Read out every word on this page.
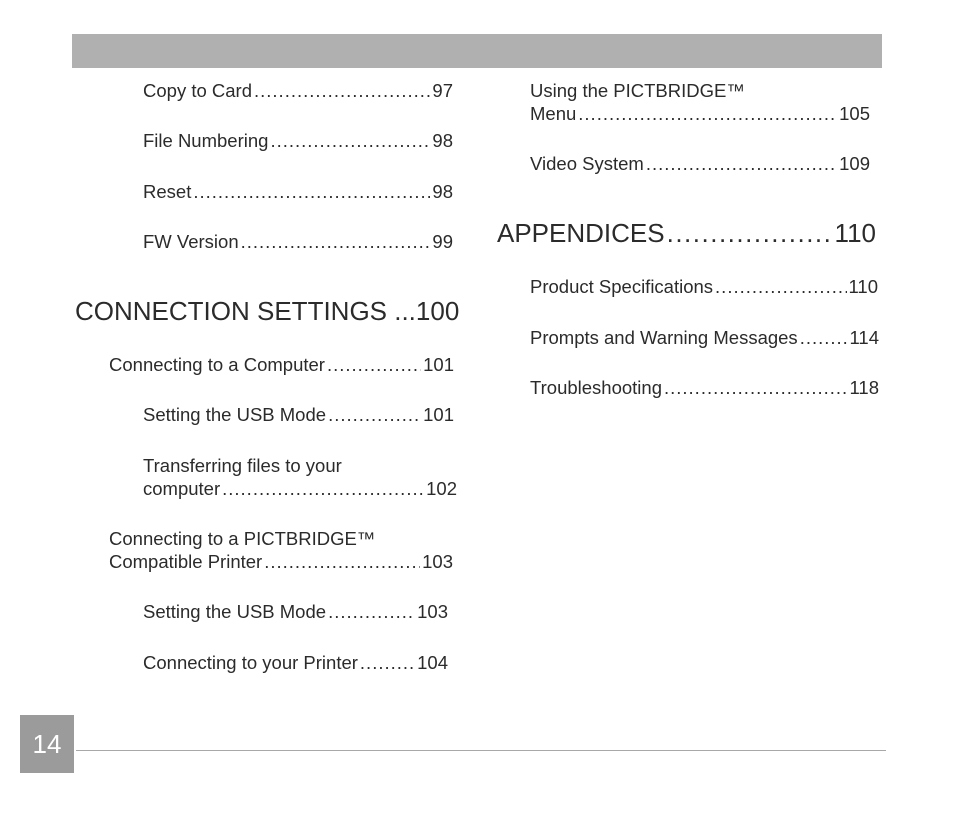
Copy to Card .....	97
File Numbering .....	98
Reset .....	98
FW Version .....	99
CONNECTION SETTINGS ...100
Connecting to a Computer .....	101
Setting the USB Mode .....	101
Transferring files to your
computer .....	102
Connecting to a PICTBRIDGE™
Compatible Printer .....	103
Setting the USB Mode .....	103
Connecting to your Printer .....	104
Using the PICTBRIDGE™
Menu .....	105
Video System .....	109
APPENDICES .....	110
Product Specifications .....	110
Prompts and Warning Messages .....	114
Troubleshooting .....	118
14
